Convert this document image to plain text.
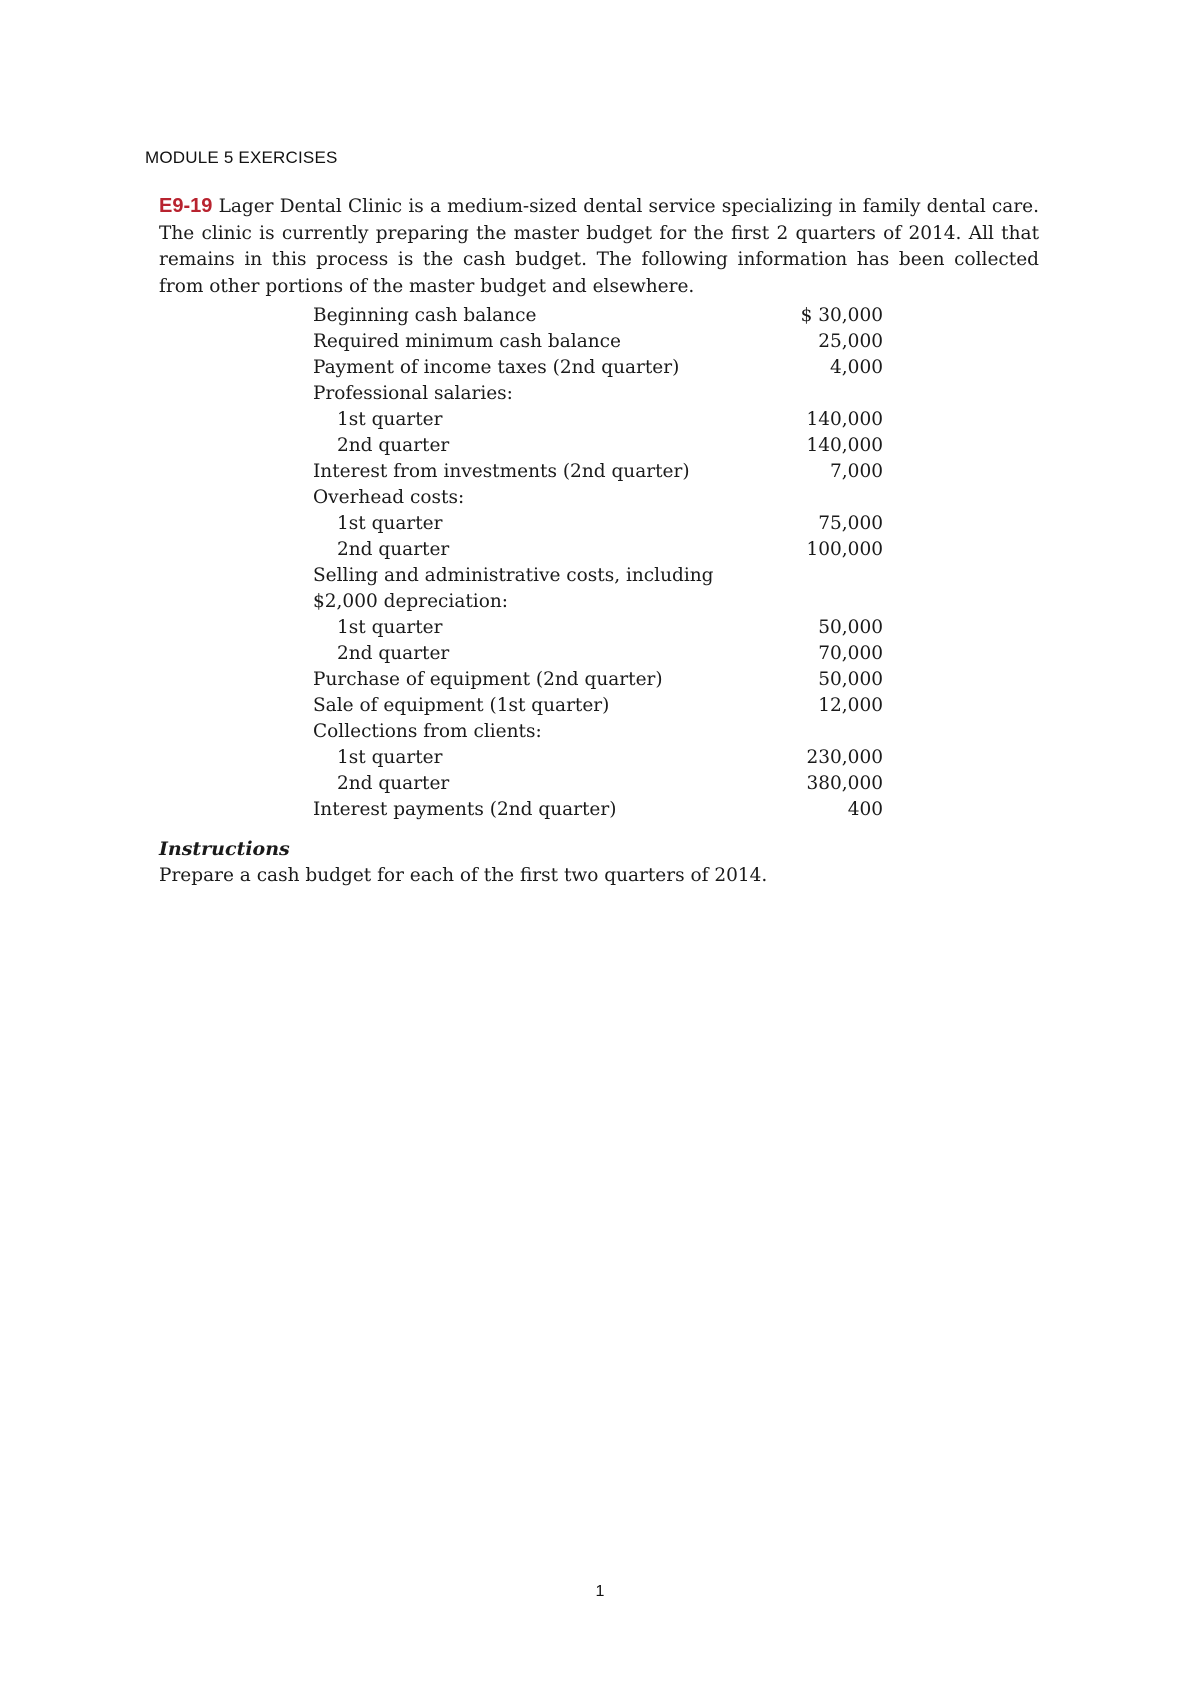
MODULE 5 EXERCISES
E9-19 Lager Dental Clinic is a medium-sized dental service specializing in family dental care. The clinic is currently preparing the master budget for the first 2 quarters of 2014. All that remains in this process is the cash budget. The following information has been collected from other portions of the master budget and elsewhere.
Beginning cash balance	$ 30,000
Required minimum cash balance	25,000
Payment of income taxes (2nd quarter)	4,000
Professional salaries:
1st quarter	140,000
2nd quarter	140,000
Interest from investments (2nd quarter)	7,000
Overhead costs:
1st quarter	75,000
2nd quarter	100,000
Selling and administrative costs, including
$2,000 depreciation:
1st quarter	50,000
2nd quarter	70,000
Purchase of equipment (2nd quarter)	50,000
Sale of equipment (1st quarter)	12,000
Collections from clients:
1st quarter	230,000
2nd quarter	380,000
Interest payments (2nd quarter)	400
Instructions
Prepare a cash budget for each of the first two quarters of 2014.
1
